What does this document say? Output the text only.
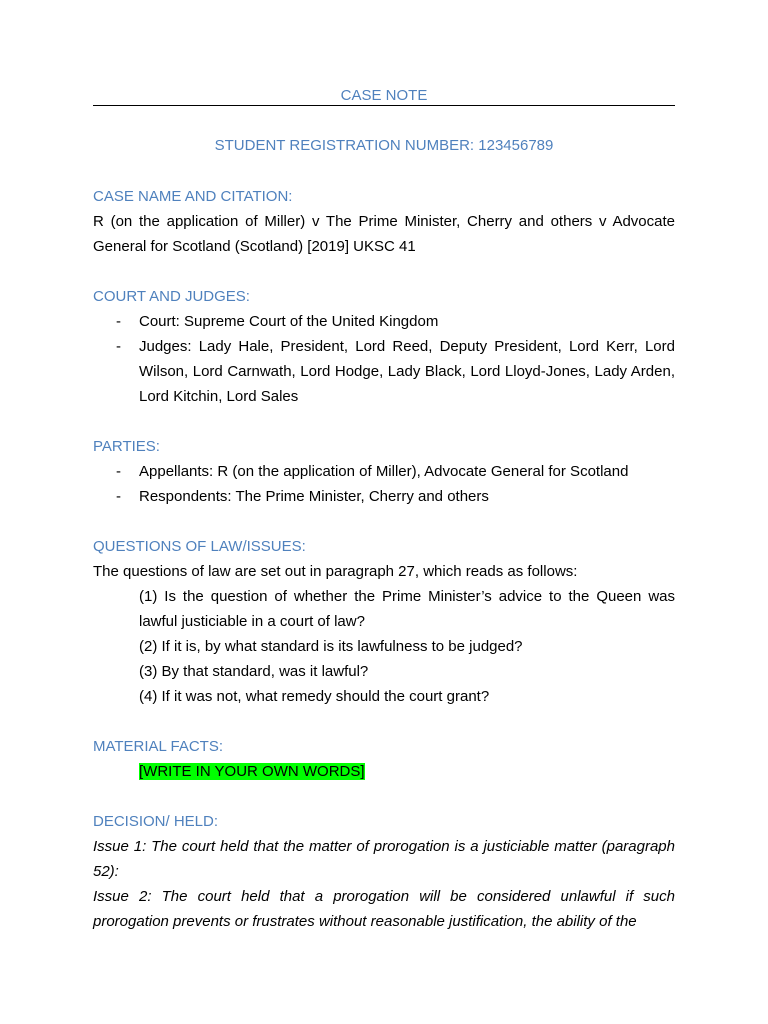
CASE NOTE
STUDENT REGISTRATION NUMBER: 123456789
CASE NAME AND CITATION:
R (on the application of Miller) v The Prime Minister, Cherry and others v Advocate General for Scotland (Scotland) [2019] UKSC 41
COURT AND JUDGES:
- Court: Supreme Court of the United Kingdom
- Judges: Lady Hale, President, Lord Reed, Deputy President, Lord Kerr, Lord Wilson, Lord Carnwath, Lord Hodge, Lady Black, Lord Lloyd-Jones, Lady Arden, Lord Kitchin, Lord Sales
PARTIES:
- Appellants: R (on the application of Miller), Advocate General for Scotland
- Respondents: The Prime Minister, Cherry and others
QUESTIONS OF LAW/ISSUES:
The questions of law are set out in paragraph 27, which reads as follows:
(1) Is the question of whether the Prime Minister’s advice to the Queen was lawful justiciable in a court of law?
(2) If it is, by what standard is its lawfulness to be judged?
(3) By that standard, was it lawful?
(4) If it was not, what remedy should the court grant?
MATERIAL FACTS:
[WRITE IN YOUR OWN WORDS]
DECISION/ HELD:
Issue 1: The court held that the matter of prorogation is a justiciable matter (paragraph 52):
Issue 2: The court held that a prorogation will be considered unlawful if such prorogation prevents or frustrates without reasonable justification, the ability of the
